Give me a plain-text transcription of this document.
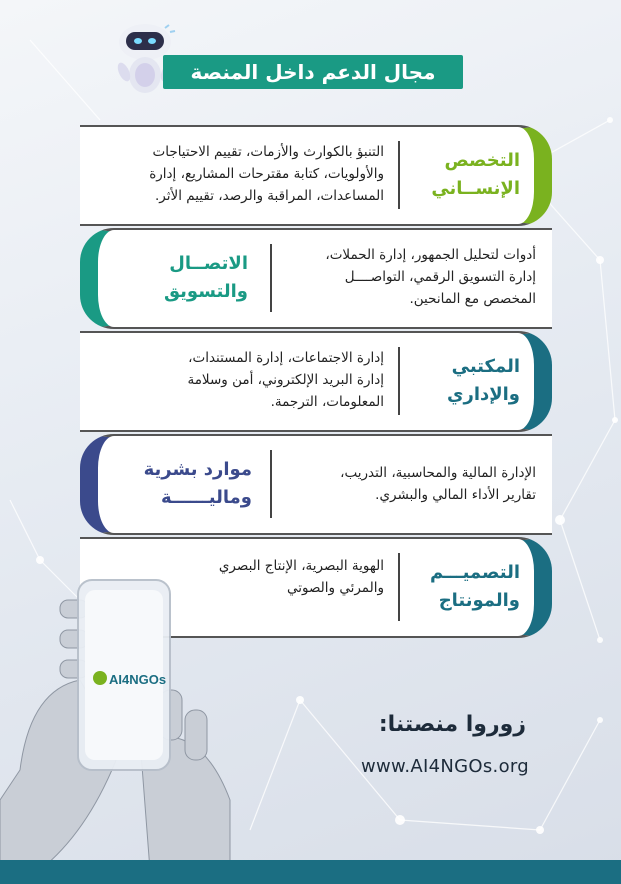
مجال الدعم داخل المنصة
التخصص
الإنســاني
التنبؤ بالكوارث والأزمات، تقييم الاحتياجات
والأولويات، كتابة مقترحات المشاريع، إدارة
المساعدات، المراقبة والرصد، تقييم الأثر.
الاتصــال
والتسويق
أدوات لتحليل الجمهور، إدارة الحملات،
إدارة التسويق الرقمي، التواصــــل
المخصص مع المانحين.
المكتبي
والإداري
إدارة الاجتماعات، إدارة المستندات،
إدارة البريد الإلكتروني، أمن وسلامة
المعلومات، الترجمة.
موارد بشرية
وماليــــــة
الإدارة المالية والمحاسبية، التدريب،
تقارير الأداء المالي والبشري.
التصميـــم
والمونتاج
الهوية البصرية، الإنتاج البصري
والمرئي والصوتي
AI4NGOs
زوروا منصتنا:
www.AI4NGOs.org
